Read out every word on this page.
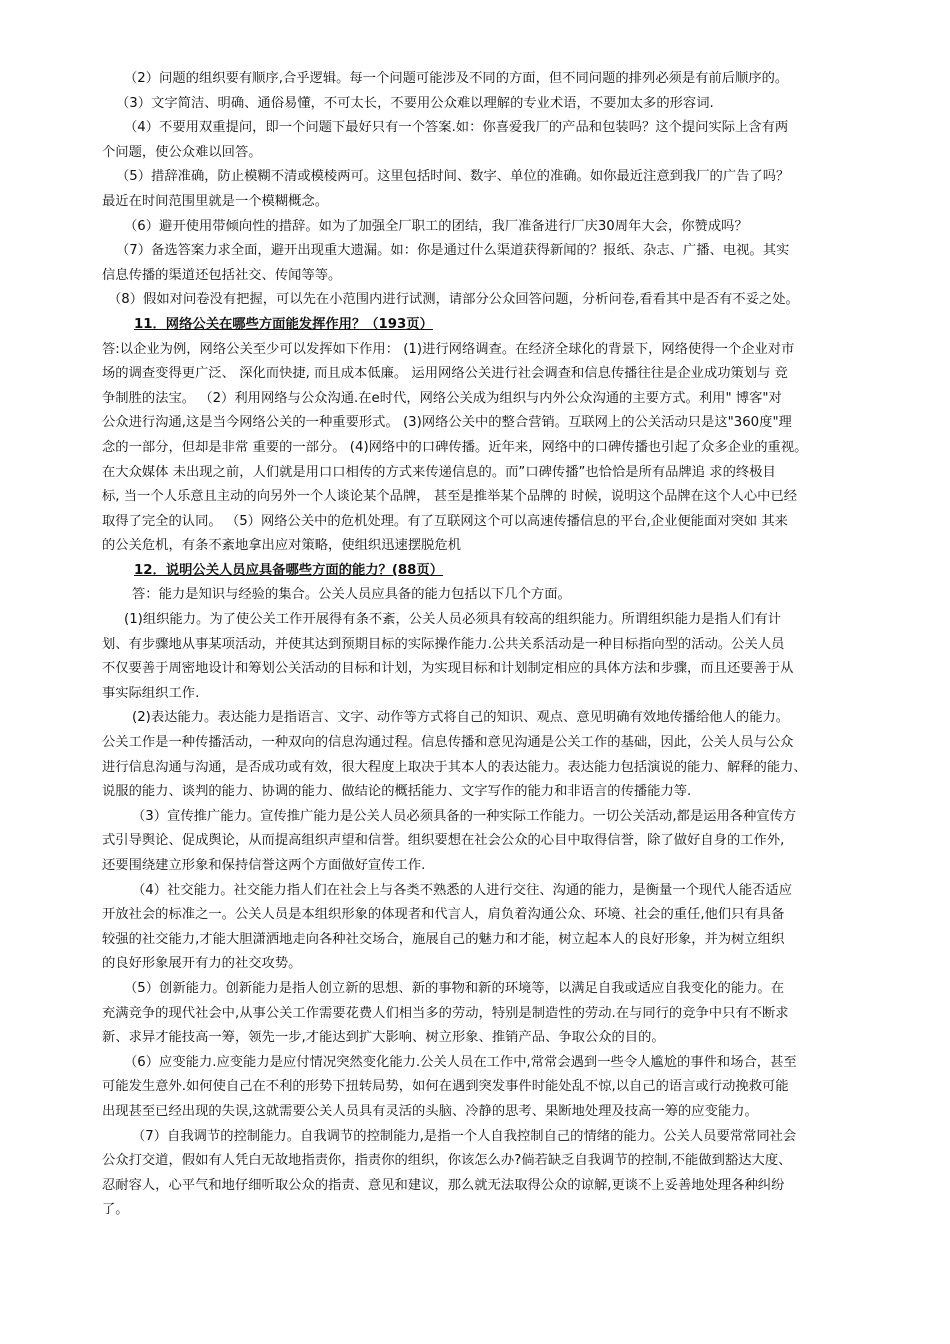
（2）问题的组织要有顺序,合乎逻辑。每一个问题可能涉及不同的方面，但不同问题的排列必须是有前后顺序的。
（3）文字简洁、明确、通俗易懂，不可太长，不要用公众难以理解的专业术语，不要加太多的形容词.
（4）不要用双重提问，即一个问题下最好只有一个答案.如：你喜爱我厂的产品和包装吗？这个提问实际上含有两
个问题，使公众难以回答。
（5）措辞准确，防止模糊不清或模棱两可。这里包括时间、数字、单位的准确。如你最近注意到我厂的广告了吗？
最近在时间范围里就是一个模糊概念。
（6）避开使用带倾向性的措辞。如为了加强全厂职工的团结，我厂准备进行厂庆30周年大会，你赞成吗？
（7）备选答案力求全面，避开出现重大遗漏。如：你是通过什么渠道获得新闻的？报纸、杂志、广播、电视。其实
信息传播的渠道还包括社交、传闻等等。
（8）假如对问卷没有把握，可以先在小范围内进行试测，请部分公众回答问题，分析问卷,看看其中是否有不妥之处。
11．网络公关在哪些方面能发挥作用？（193页）
答:以企业为例，网络公关至少可以发挥如下作用： (1)进行网络调查。在经济全球化的背景下，网络使得一个企业对市
场的调查变得更广泛、 深化而快捷, 而且成本低廉。 运用网络公关进行社会调查和信息传播往往是企业成功策划与 竞
争制胜的法宝。 （2）利用网络与公众沟通.在e时代，网络公关成为组织与内外公众沟通的主要方式。利用" 博客"对
公众进行沟通,这是当今网络公关的一种重要形式。 (3)网络公关中的整合营销。互联网上的公关活动只是这"360度"理
念的一部分，但却是非常 重要的一部分。 (4)网络中的口碑传播。近年来，网络中的口碑传播也引起了众多企业的重视。
在大众媒体 未出现之前，人们就是用口口相传的方式来传递信息的。而”口碑传播”也恰恰是所有品牌追 求的终极目
标, 当一个人乐意且主动的向另外一个人谈论某个品牌， 甚至是推举某个品牌的 时候，说明这个品牌在这个人心中已经
取得了完全的认同。 （5）网络公关中的危机处理。有了互联网这个可以高速传播信息的平台,企业便能面对突如 其来
的公关危机，有条不紊地拿出应对策略，使组织迅速摆脱危机
12．说明公关人员应具备哪些方面的能力？(88页）
答：能力是知识与经验的集合。公关人员应具备的能力包括以下几个方面。
(1)组织能力。为了使公关工作开展得有条不紊，公关人员必须具有较高的组织能力。所谓组织能力是指人们有计
划、有步骤地从事某项活动，并使其达到预期目标的实际操作能力.公共关系活动是一种目标指向型的活动。公关人员
不仅要善于周密地设计和筹划公关活动的目标和计划，为实现目标和计划制定相应的具体方法和步骤，而且还要善于从
事实际组织工作.
(2)表达能力。表达能力是指语言、文字、动作等方式将自己的知识、观点、意见明确有效地传播给他人的能力。
公关工作是一种传播活动，一种双向的信息沟通过程。信息传播和意见沟通是公关工作的基础，因此，公关人员与公众
进行信息沟通与沟通，是否成功或有效，很大程度上取决于其本人的表达能力。表达能力包括演说的能力、解释的能力、
说服的能力、谈判的能力、协调的能力、做结论的概括能力、文字写作的能力和非语言的传播能力等.
（3）宣传推广能力。宣传推广能力是公关人员必须具备的一种实际工作能力。一切公关活动,都是运用各种宣传方
式引导舆论、促成舆论，从而提高组织声望和信誉。组织要想在社会公众的心目中取得信誉，除了做好自身的工作外,
还要围绕建立形象和保持信誉这两个方面做好宣传工作.
（4）社交能力。社交能力指人们在社会上与各类不熟悉的人进行交往、沟通的能力，是衡量一个现代人能否适应
开放社会的标准之一。公关人员是本组织形象的体现者和代言人，肩负着沟通公众、环境、社会的重任,他们只有具备
较强的社交能力,才能大胆潇洒地走向各种社交场合，施展自己的魅力和才能，树立起本人的良好形象，并为树立组织
的良好形象展开有力的社交攻势。
（5）创新能力。创新能力是指人创立新的思想、新的事物和新的环境等，以满足自我或适应自我变化的能力。在
充满竞争的现代社会中,从事公关工作需要花费人们相当多的劳动，特别是制造性的劳动.在与同行的竞争中只有不断求
新、求异才能技高一筹，领先一步,才能达到扩大影响、树立形象、推销产品、争取公众的目的。
（6）应变能力.应变能力是应付情况突然变化能力.公关人员在工作中,常常会遇到一些令人尴尬的事件和场合，甚至
可能发生意外.如何使自己在不利的形势下扭转局势，如何在遇到突发事件时能处乱不惊,以自己的语言或行动挽救可能
出现甚至已经出现的失误,这就需要公关人员具有灵活的头脑、冷静的思考、果断地处理及技高一筹的应变能力。
（7）自我调节的控制能力。自我调节的控制能力,是指一个人自我控制自己的情绪的能力。公关人员要常常同社会
公众打交道，假如有人凭白无故地指责你，指责你的组织，你该怎么办?倘若缺乏自我调节的控制,不能做到豁达大度、
忍耐容人，心平气和地仔细听取公众的指责、意见和建议，那么就无法取得公众的谅解,更谈不上妥善地处理各种纠纷
了。
